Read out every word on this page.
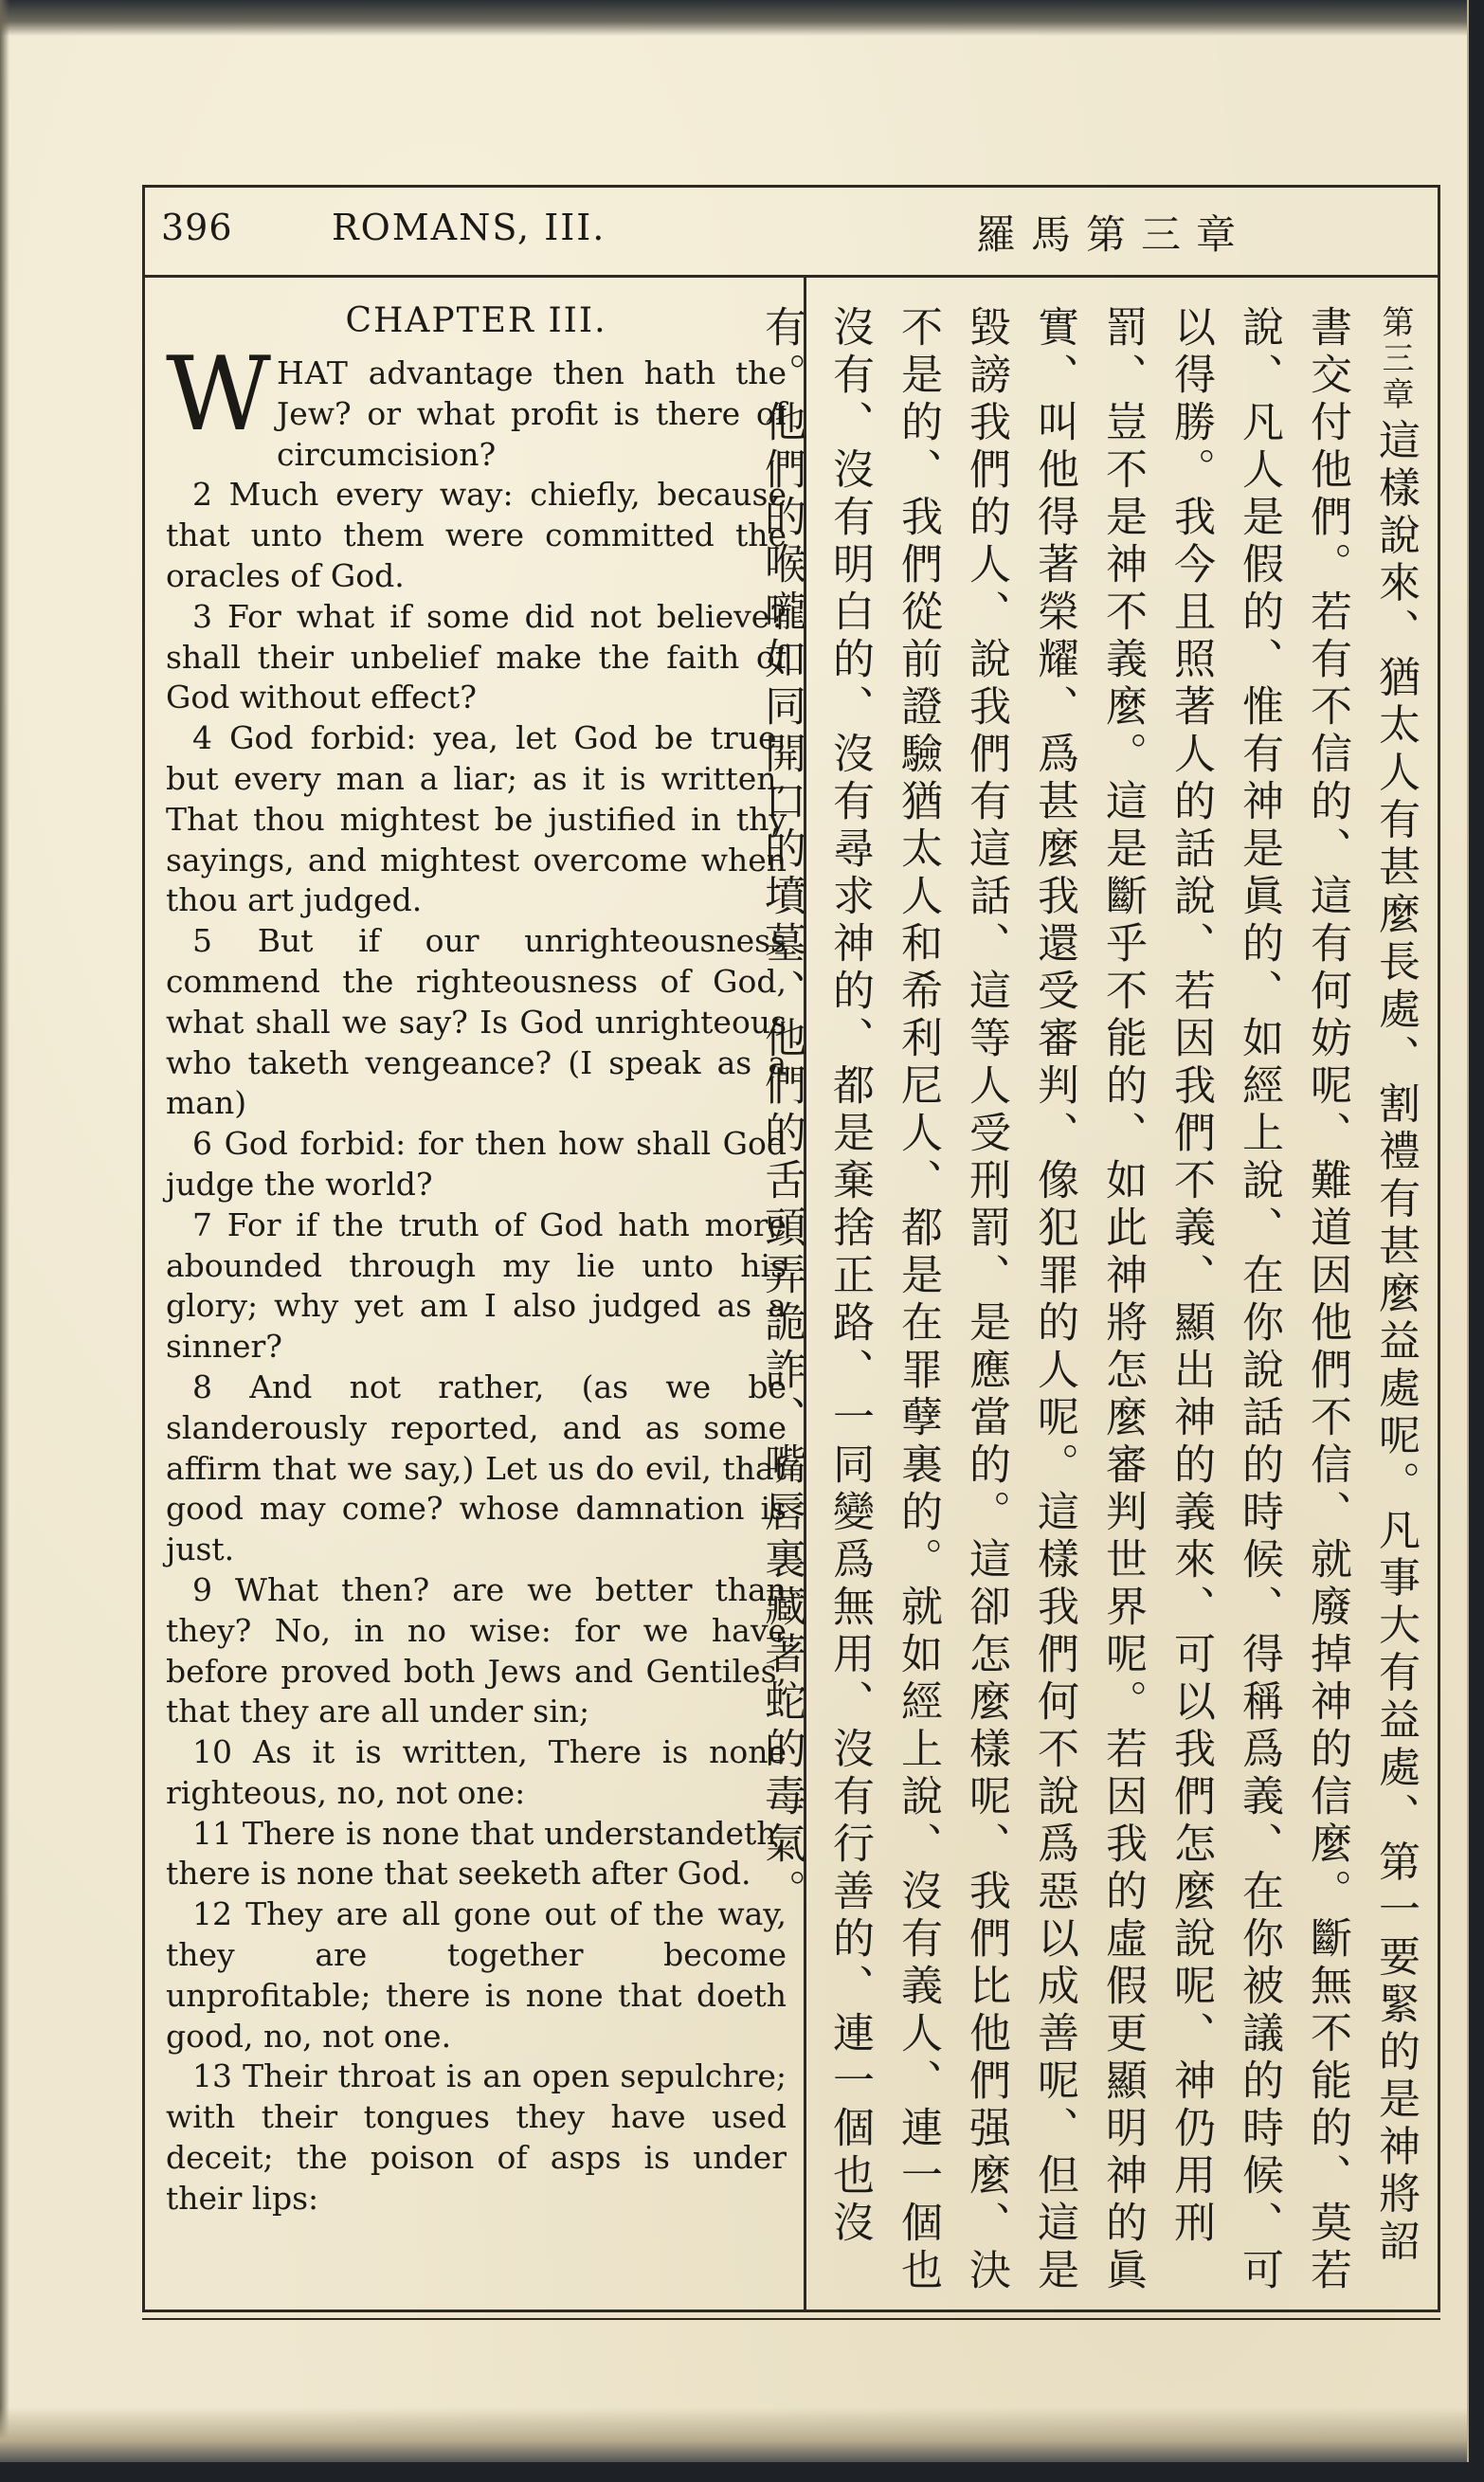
396	ROMANS, III.	羅馬第三章
CHAPTER III.

WHAT advantage then hath the Jew? or what profit is there of circumcision?

2 Much every way: chiefly, because that unto them were committed the oracles of God.

3 For what if some did not believe? shall their unbelief make the faith of God without effect?

4 God forbid: yea, let God be true, but every man a liar; as it is written, That thou mightest be justified in thy sayings, and mightest overcome when thou art judged.

5 But if our unrighteousness commend the righteousness of God, what shall we say? Is God unrighteous who taketh vengeance? (I speak as a man)

6 God forbid: for then how shall God judge the world?

7 For if the truth of God hath more abounded through my lie unto his glory; why yet am I also judged as a sinner?

8 And not rather, (as we be slanderously reported, and as some affirm that we say,) Let us do evil, that good may come? whose damnation is just.

9 What then? are we better than they? No, in no wise: for we have before proved both Jews and Gentiles, that they are all under sin;

10 As it is written, There is none righteous, no, not one:

11 There is none that understandeth, there is none that seeketh after God.

12 They are all gone out of the way, they are together become unprofitable; there is none that doeth good, no, not one.

13 Their throat is an open sepulchre; with their tongues they have used deceit; the poison of asps is under their lips:

第三章 這樣說來、猶太人有甚麼長處、割禮有甚麼益處呢。凡事大有益處、第一要緊的是神將詔書交付他們。若有不信的、這有何妨呢、難道因他們不信、就廢掉神的信麼。斷無不能的、莫若說、凡人是假的、惟有神是眞的、如經上說、在你說話的時候、得稱爲義、在你被議的時候、可以得勝。我今且照著人的話說、若因我們不義、顯出神的義來、可以我們怎麼說呢、神仍用刑罰、豈不是神不義麼。這是斷乎不能的、如此神將怎麼審判世界呢。若因我的虛假更顯明神的眞實、叫他得著榮耀、爲甚麼我還受審判、像犯罪的人呢。這樣我們何不說爲惡以成善呢、但這是毀謗我們的人、說我們有這話、這等人受刑罰、是應當的。這卻怎麼樣呢、我們比他們强麼、決不是的、我們從前證驗猶太人和希利尼人、都是在罪孽裏的。就如經上說、沒有義人、連一個也沒有、沒有明白的、沒有尋求神的、都是棄捨正路、一同變爲無用、沒有行善的、連一個也沒有。他們的喉嚨如同開口的墳墓、他們的舌頭弄詭詐、嘴唇裏藏著蛇的毒氣。
